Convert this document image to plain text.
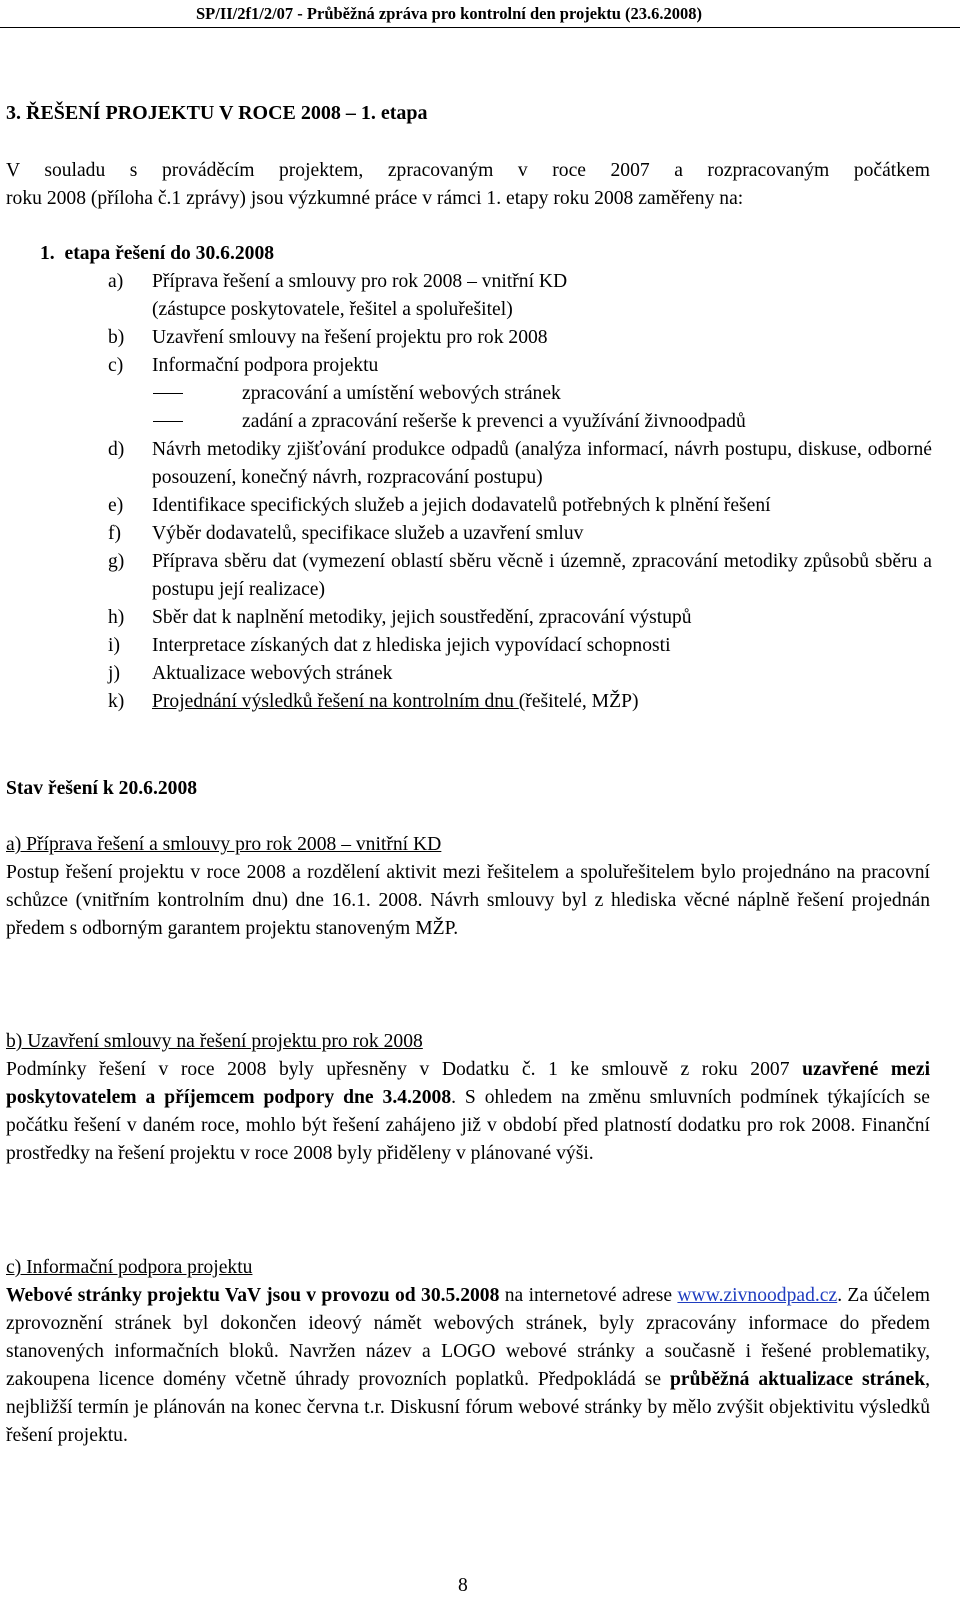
SP/II/2f1/2/07 - Průběžná zpráva pro kontrolní den projektu (23.6.2008)
3. ŘEŠENÍ PROJEKTU V ROCE 2008 – 1. etapa

V souladu s prováděcím projektem, zpracovaným v roce 2007 a rozpracovaným počátkem

roku 2008 (příloha č.1 zprávy) jsou výzkumné práce v rámci 1. etapy roku 2008 zaměřeny na:

1. etapa řešení do 30.6.2008
a) Příprava řešení a smlouvy pro rok 2008 – vnitřní KD

(zástupce poskytovatele, řešitel a spoluřešitel)

b) Uzavření smlouvy na řešení projektu pro rok 2008

c) Informační podpora projektu

zpracování a umístění webových stránek
zadání a zpracování rešerše k prevenci a využívání živnoodpadů
d) Návrh metodiky zjišťování produkce odpadů (analýza informací, návrh postupu, diskuse, odborné posouzení, konečný návrh, rozpracování postupu)

e) Identifikace specifických služeb a jejich dodavatelů potřebných k plnění řešení

f) Výběr dodavatelů, specifikace služeb a uzavření smluv

g) Příprava sběru dat (vymezení oblastí sběru věcně i územně, zpracování metodiky způsobů sběru a postupu její realizace)

h) Sběr dat k naplnění metodiky, jejich soustředění, zpracování výstupů

i) Interpretace získaných dat z hlediska jejich vypovídací schopnosti

j) Aktualizace webových stránek

k) Projednání výsledků řešení na kontrolním dnu (řešitelé, MŽP)

Stav řešení k 20.6.2008

a) Příprava řešení a smlouvy pro rok 2008 – vnitřní KD

Postup řešení projektu v roce 2008 a rozdělení aktivit mezi řešitelem a spoluřešitelem bylo projednáno na pracovní schůzce (vnitřním kontrolním dnu) dne 16.1. 2008. Návrh smlouvy byl z hlediska věcné náplně řešení projednán předem s odborným garantem projektu stanoveným MŽP.

b) Uzavření smlouvy na řešení projektu pro rok 2008

Podmínky řešení v roce 2008 byly upřesněny v Dodatku č. 1 ke smlouvě z roku 2007 uzavřené mezi poskytovatelem a příjemcem podpory dne 3.4.2008. S ohledem na změnu smluvních podmínek týkajících se počátku řešení v daném roce, mohlo být řešení zahájeno již v období před platností dodatku pro rok 2008. Finanční prostředky na řešení projektu v roce 2008 byly přiděleny v plánované výši.

c) Informační podpora projektu

Webové stránky projektu VaV jsou v provozu od 30.5.2008 na internetové adrese www.zivnoodpad.cz. Za účelem zprovoznění stránek byl dokončen ideový námět webových stránek, byly zpracovány informace do předem stanovených informačních bloků. Navržen název a LOGO webové stránky a současně i řešené problematiky, zakoupena licence domény včetně úhrady provozních poplatků. Předpokládá se průběžná aktualizace stránek, nejbližší termín je plánován na konec června t.r. Diskusní fórum webové stránky by mělo zvýšit objektivitu výsledků řešení projektu.

8
